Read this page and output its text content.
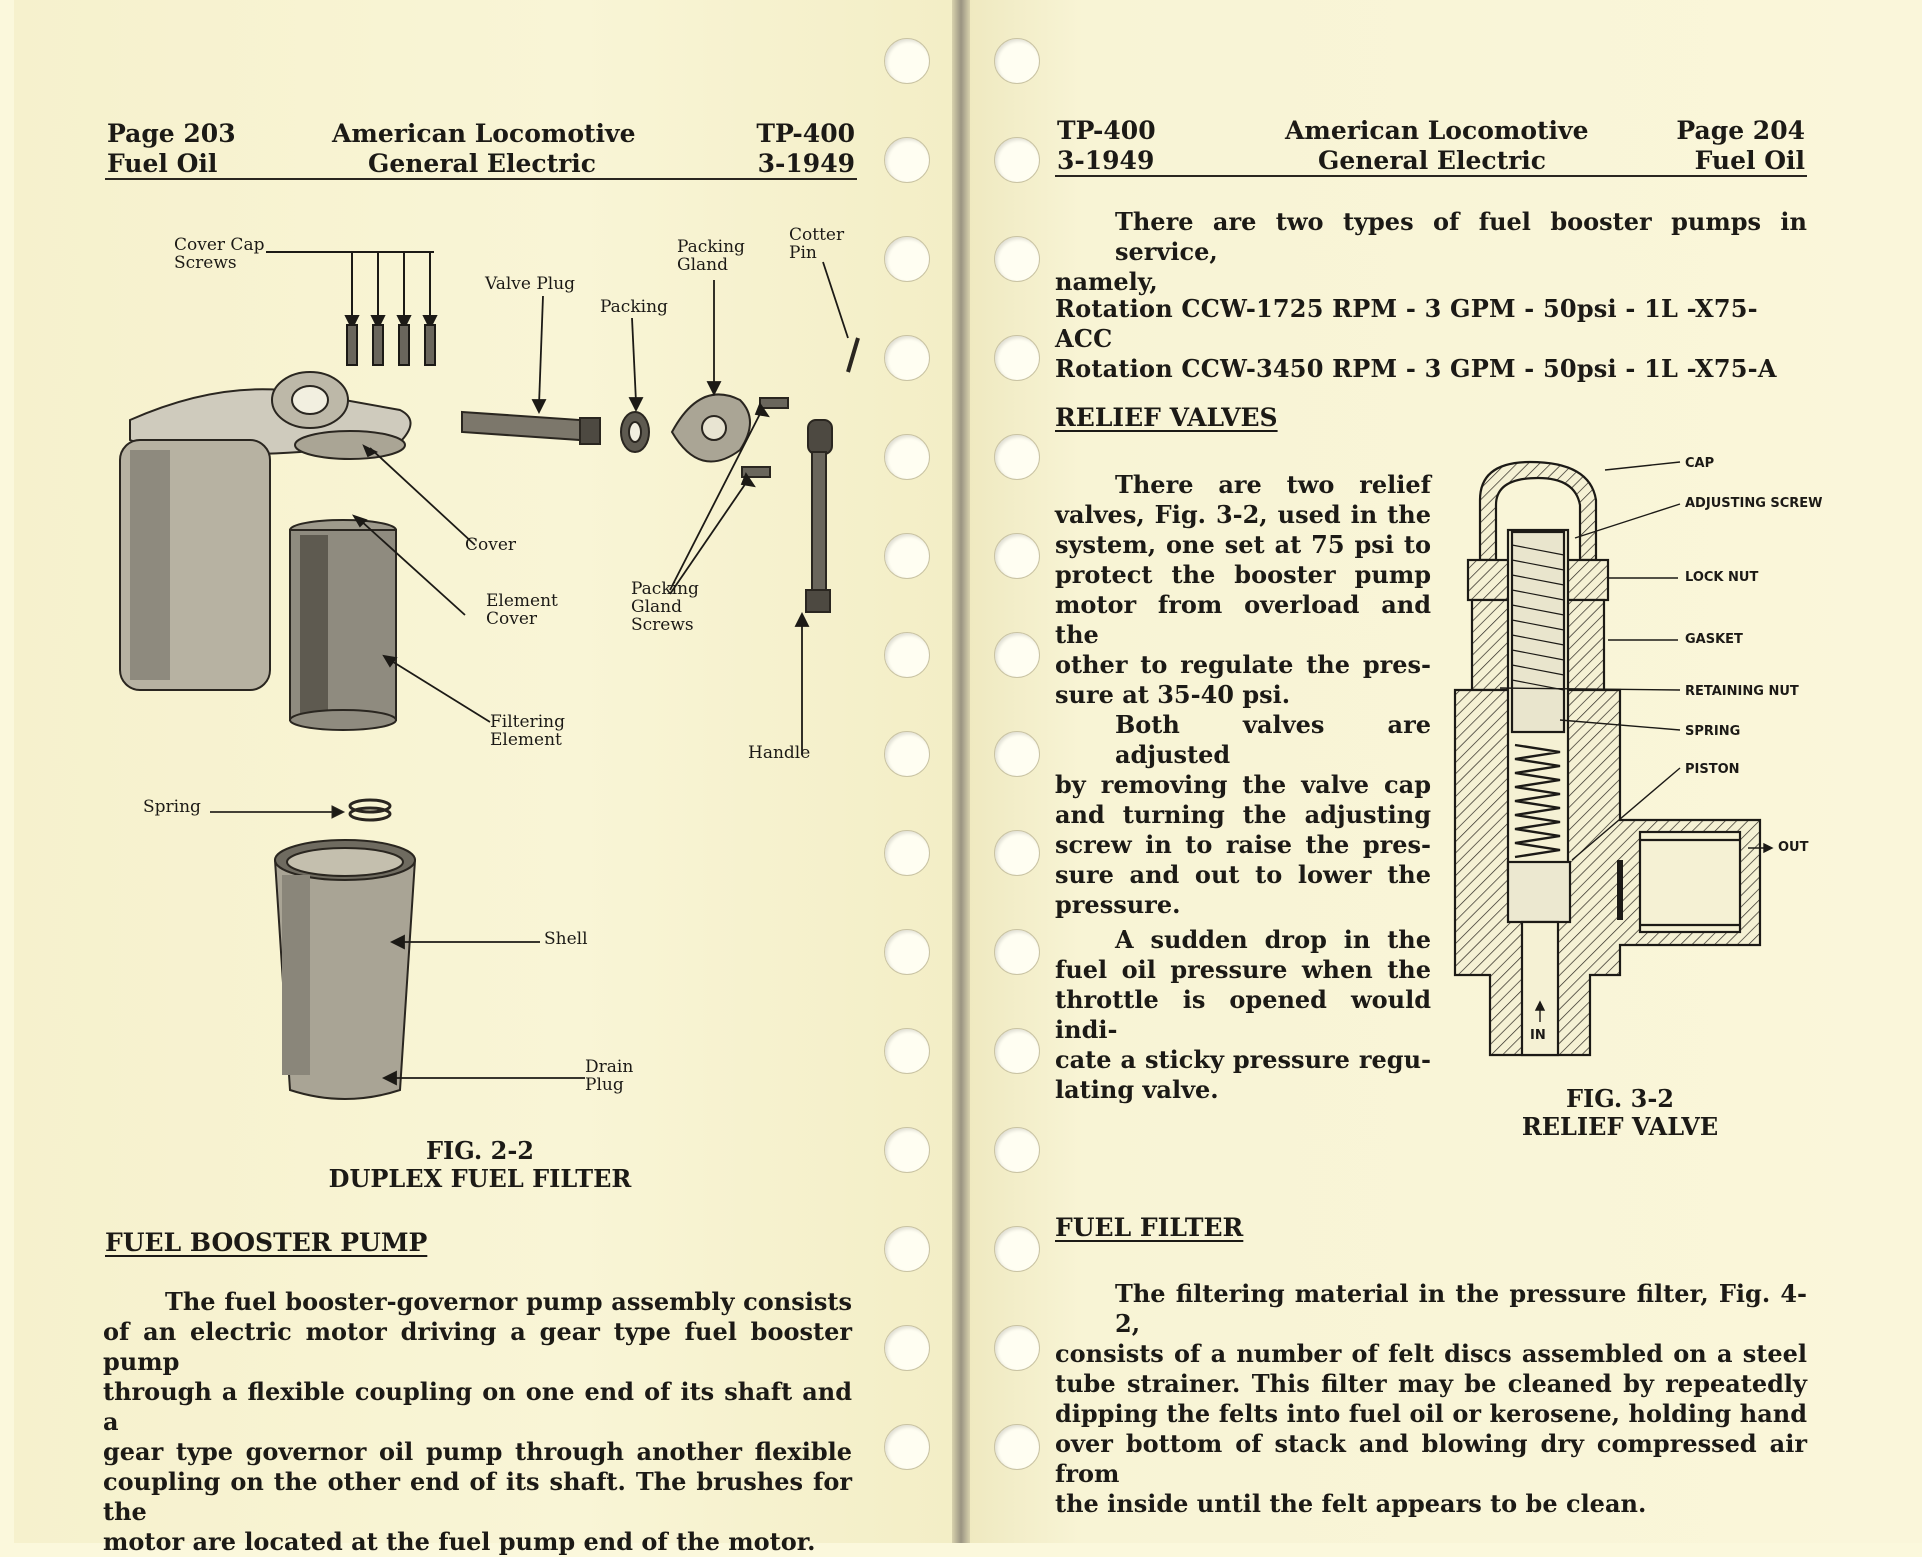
Page 203
Fuel Oil
American Locomotive
General Electric
TP-400
3-1949
Cover Cap
Screws
Valve Plug
Packing
Gland
Packing
Cotter
Pin
Cover
Element
Cover
Packing
Gland
Screws
Filtering
Element
Handle
Spring
Shell
Drain
Plug
FIG. 2-2
DUPLEX FUEL FILTER
FUEL BOOSTER PUMP
The fuel booster-governor pump assembly consists
of an electric motor driving a gear type fuel booster pump
through a flexible coupling on one end of its shaft and a
gear type governor oil pump through another flexible
coupling on the other end of its shaft. The brushes for the
motor are located at the fuel pump end of the motor.
TP-400
3-1949
American Locomotive
General Electric
Page 204
Fuel Oil
There are two types of fuel booster pumps in service,
namely,
Rotation CCW-1725 RPM - 3 GPM - 50psi - 1L -X75-ACC
Rotation CCW-3450 RPM - 3 GPM - 50psi - 1L -X75-A
RELIEF VALVES
There are two relief
valves, Fig. 3-2, used in the
system, one set at 75 psi to
protect the booster pump
motor from overload and the
other to regulate the pres-
sure at 35-40 psi.
Both valves are adjusted
by removing the valve cap
and turning the adjusting
screw in to raise the pres-
sure and out to lower the
pressure.
A sudden drop in the
fuel oil pressure when the
throttle is opened would indi-
cate a sticky pressure regu-
lating valve.
CAP
ADJUSTING SCREW
LOCK NUT
GASKET
RETAINING NUT
SPRING
PISTON
OUT
IN
FIG. 3-2
RELIEF VALVE
FUEL FILTER
The filtering material in the pressure filter, Fig. 4-2,
consists of a number of felt discs assembled on a steel
tube strainer. This filter may be cleaned by repeatedly
dipping the felts into fuel oil or kerosene, holding hand
over bottom of stack and blowing dry compressed air from
the inside until the felt appears to be clean.
